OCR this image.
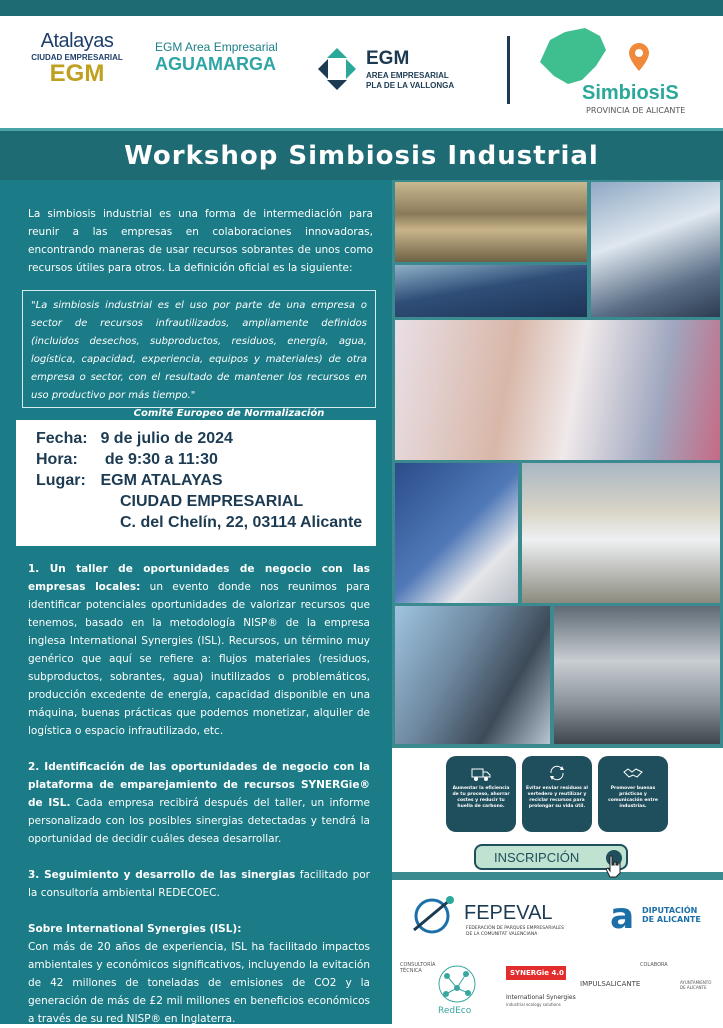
Atalayas
CIUDAD EMPRESARIAL
EGM
EGM Area Empresarial
AGUAMARGA	EGM
AREA EMPRESARIAL
PLA DE LA VALLONGA	SimbiosiS
PROVINCIA DE ALICANTE
Workshop Simbiosis Industrial
La simbiosis industrial es una forma de intermediación para reunir a las empresas en colaboraciones innovadoras, encontrando maneras de usar recursos sobrantes de unos como recursos útiles para otros. La definición oficial es la siguiente:
"La simbiosis industrial es el uso por parte de una empresa o sector de recursos infrautilizados, ampliamente definidos (incluidos desechos, subproductos, residuos, energía, agua, logística, capacidad, experiencia, equipos y materiales) de otra empresa o sector, con el resultado de mantener los recursos en uso productivo por más tiempo."
Comité Europeo de Normalización
Fecha: 9 de julio de 2024
Hora: de 9:30 a 11:30
Lugar: EGM ATALAYAS
CIUDAD EMPRESARIAL
C. del Chelín, 22, 03114 Alicante

1. Un taller de oportunidades de negocio con las empresas locales: un evento donde nos reunimos para identificar potenciales oportunidades de valorizar recursos que tenemos, basado en la metodología NISP® de la empresa inglesa International Synergies (ISL). Recursos, un término muy genérico que aquí se refiere a: flujos materiales (residuos, subproductos, sobrantes, agua) inutilizados o problemáticos, producción excedente de energía, capacidad disponible en una máquina, buenas prácticas que podemos monetizar, alquiler de logística o espacio infrautilizado, etc.

2. Identificación de las oportunidades de negocio con la plataforma de emparejamiento de recursos SYNERGie® de ISL. Cada empresa recibirá después del taller, un informe personalizado con los posibles sinergias detectadas y tendrá la oportunidad de decidir cuáles desea desarrollar.

3. Seguimiento y desarrollo de las sinergias facilitado por la consultoría ambiental REDECOEC.

Sobre International Synergies (ISL):
Con más de 20 años de experiencia, ISL ha facilitado impactos ambientales y económicos significativos, incluyendo la evitación de 42 millones de toneladas de emisiones de CO2 y la generación de más de £2 mil millones en beneficios económicos a través de su red NISP® en Inglaterra.

Aumentar la eficiencia de tu proceso, ahorrar costes y reducir tu huella de carbono.
Evitar enviar residuos al vertedero y reutilizar y reciclar recursos para prolongar su vida útil.
Promover buenas prácticas y comunicación entre industrias.
INSCRIPCIÓN
FEPEVAL
FEDERACIÓN DE PARQUES EMPRESARIALES DE LA COMUNITAT VALENCIANA	a DIPUTACIÓN DE ALICANTE
CONSULTORÍA TÉCNICA
RedEco
SYNERGie 4.0
International Synergies
industrial ecology solutions
COLABORA
IMPULSALICANTE	AYUNTAMIENTO DE ALICANTE
